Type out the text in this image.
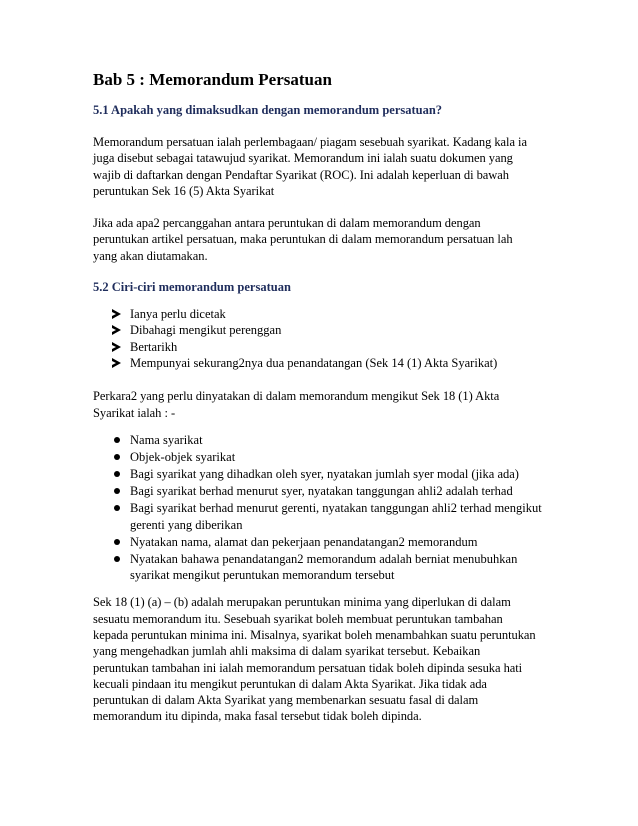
Bab 5 : Memorandum Persatuan
5.1 Apakah yang dimaksudkan dengan memorandum persatuan?

Memorandum persatuan ialah perlembagaan/ piagam sesebuah syarikat. Kadang kala ia
juga disebut sebagai tatawujud syarikat. Memorandum ini ialah suatu dokumen yang
wajib di daftarkan dengan Pendaftar Syarikat (ROC). Ini adalah keperluan di bawah
peruntukan Sek 16 (5) Akta Syarikat

Jika ada apa2 percanggahan antara peruntukan di dalam memorandum dengan
peruntukan artikel persatuan, maka peruntukan di dalam memorandum persatuan lah
yang akan diutamakan.

5.2 Ciri-ciri memorandum persatuan
Ianya perlu dicetak
Dibahagi mengikut perenggan
Bertarikh
Mempunyai sekurang2nya dua penandatangan (Sek 14 (1) Akta Syarikat)

Perkara2 yang perlu dinyatakan di dalam memorandum mengikut Sek 18 (1) Akta
Syarikat ialah : -

Nama syarikat
Objek-objek syarikat
Bagi syarikat yang dihadkan oleh syer, nyatakan jumlah syer modal (jika ada)
Bagi syarikat berhad menurut syer, nyatakan tanggungan ahli2 adalah terhad
Bagi syarikat berhad menurut gerenti, nyatakan tanggungan ahli2 terhad mengikut gerenti yang diberikan
Nyatakan nama, alamat dan pekerjaan penandatangan2 memorandum
Nyatakan bahawa penandatangan2 memorandum adalah berniat menubuhkan syarikat mengikut peruntukan memorandum tersebut

Sek 18 (1) (a) – (b) adalah merupakan peruntukan minima yang diperlukan di dalam
sesuatu memorandum itu. Sesebuah syarikat boleh membuat peruntukan tambahan
kepada peruntukan minima ini. Misalnya, syarikat boleh menambahkan suatu peruntukan
yang mengehadkan jumlah ahli maksima di dalam syarikat tersebut. Kebaikan
peruntukan tambahan ini ialah memorandum persatuan tidak boleh dipinda sesuka hati
kecuali pindaan itu mengikut peruntukan di dalam Akta Syarikat. Jika tidak ada
peruntukan di dalam Akta Syarikat yang membenarkan sesuatu fasal di dalam
memorandum itu dipinda, maka fasal tersebut tidak boleh dipinda.
